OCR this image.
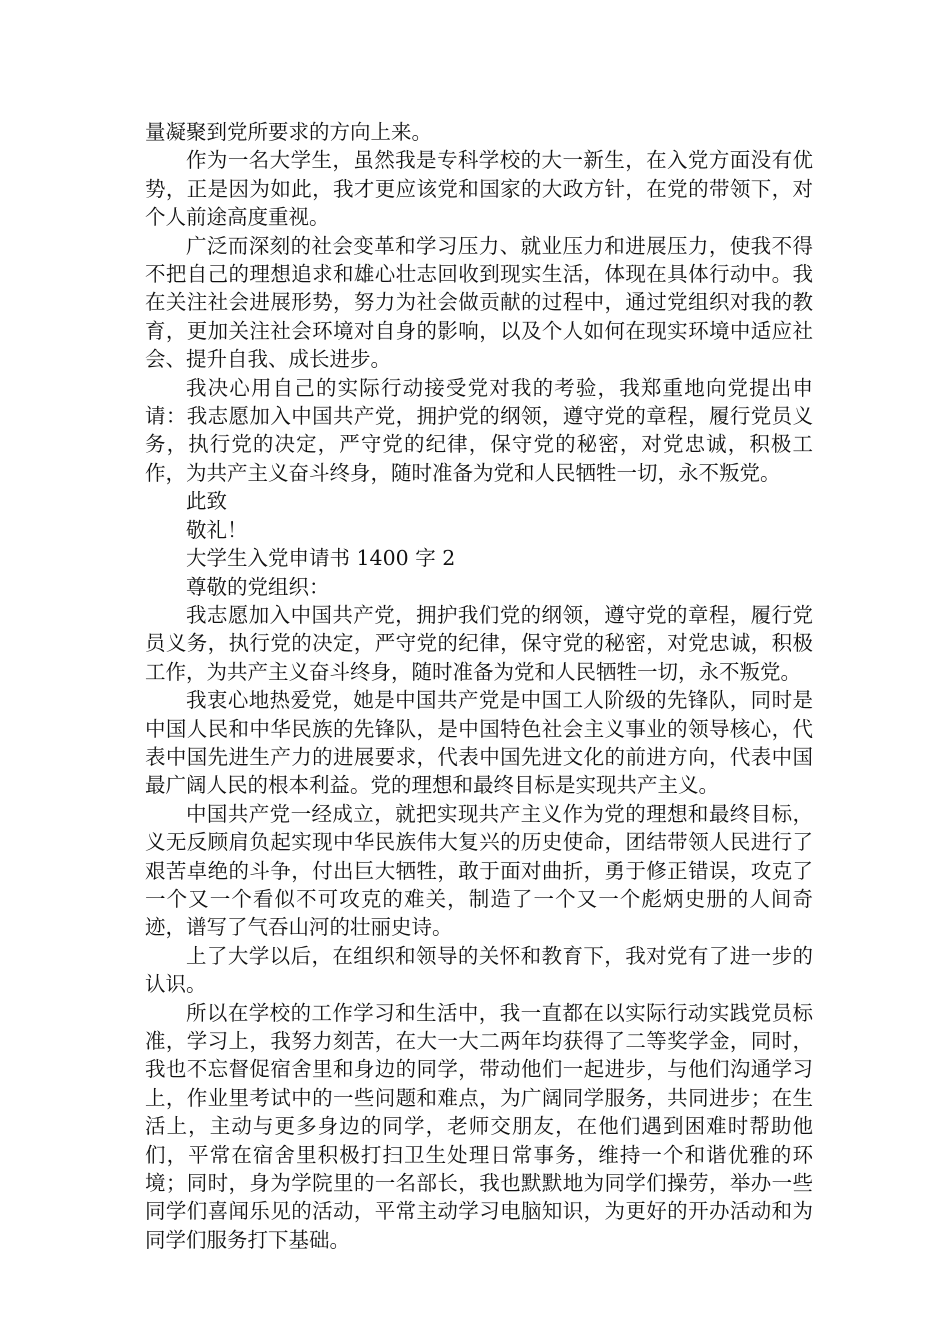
量凝聚到党所要求的方向上来。

作为一名大学生，虽然我是专科学校的大一新生，在入党方面没有优势，正是因为如此，我才更应该党和国家的大政方针，在党的带领下，对个人前途高度重视。

广泛而深刻的社会变革和学习压力、就业压力和进展压力，使我不得不把自己的理想追求和雄心壮志回收到现实生活，体现在具体行动中。我在关注社会进展形势，努力为社会做贡献的过程中，通过党组织对我的教育，更加关注社会环境对自身的影响，以及个人如何在现实环境中适应社会、提升自我、成长进步。

我决心用自己的实际行动接受党对我的考验，我郑重地向党提出申请：我志愿加入中国共产党，拥护党的纲领，遵守党的章程，履行党员义务，执行党的决定，严守党的纪律，保守党的秘密，对党忠诚，积极工作，为共产主义奋斗终身，随时准备为党和人民牺牲一切，永不叛党。

此致

敬礼！

大学生入党申请书 1400 字 2

尊敬的党组织：

我志愿加入中国共产党，拥护我们党的纲领，遵守党的章程，履行党员义务，执行党的决定，严守党的纪律，保守党的秘密，对党忠诚，积极工作，为共产主义奋斗终身，随时准备为党和人民牺牲一切，永不叛党。

我衷心地热爱党，她是中国共产党是中国工人阶级的先锋队，同时是中国人民和中华民族的先锋队，是中国特色社会主义事业的领导核心，代表中国先进生产力的进展要求，代表中国先进文化的前进方向，代表中国最广阔人民的根本利益。党的理想和最终目标是实现共产主义。

中国共产党一经成立，就把实现共产主义作为党的理想和最终目标，义无反顾肩负起实现中华民族伟大复兴的历史使命，团结带领人民进行了艰苦卓绝的斗争，付出巨大牺牲，敢于面对曲折，勇于修正错误，攻克了一个又一个看似不可攻克的难关，制造了一个又一个彪炳史册的人间奇迹，谱写了气吞山河的壮丽史诗。

上了大学以后，在组织和领导的关怀和教育下，我对党有了进一步的认识。

所以在学校的工作学习和生活中，我一直都在以实际行动实践党员标准，学习上，我努力刻苦，在大一大二两年均获得了二等奖学金，同时，我也不忘督促宿舍里和身边的同学，带动他们一起进步，与他们沟通学习上，作业里考试中的一些问题和难点，为广阔同学服务，共同进步；在生活上，主动与更多身边的同学，老师交朋友，在他们遇到困难时帮助他们，平常在宿舍里积极打扫卫生处理日常事务，维持一个和谐优雅的环境；同时，身为学院里的一名部长，我也默默地为同学们操劳，举办一些同学们喜闻乐见的活动，平常主动学习电脑知识，为更好的开办活动和为同学们服务打下基础。
